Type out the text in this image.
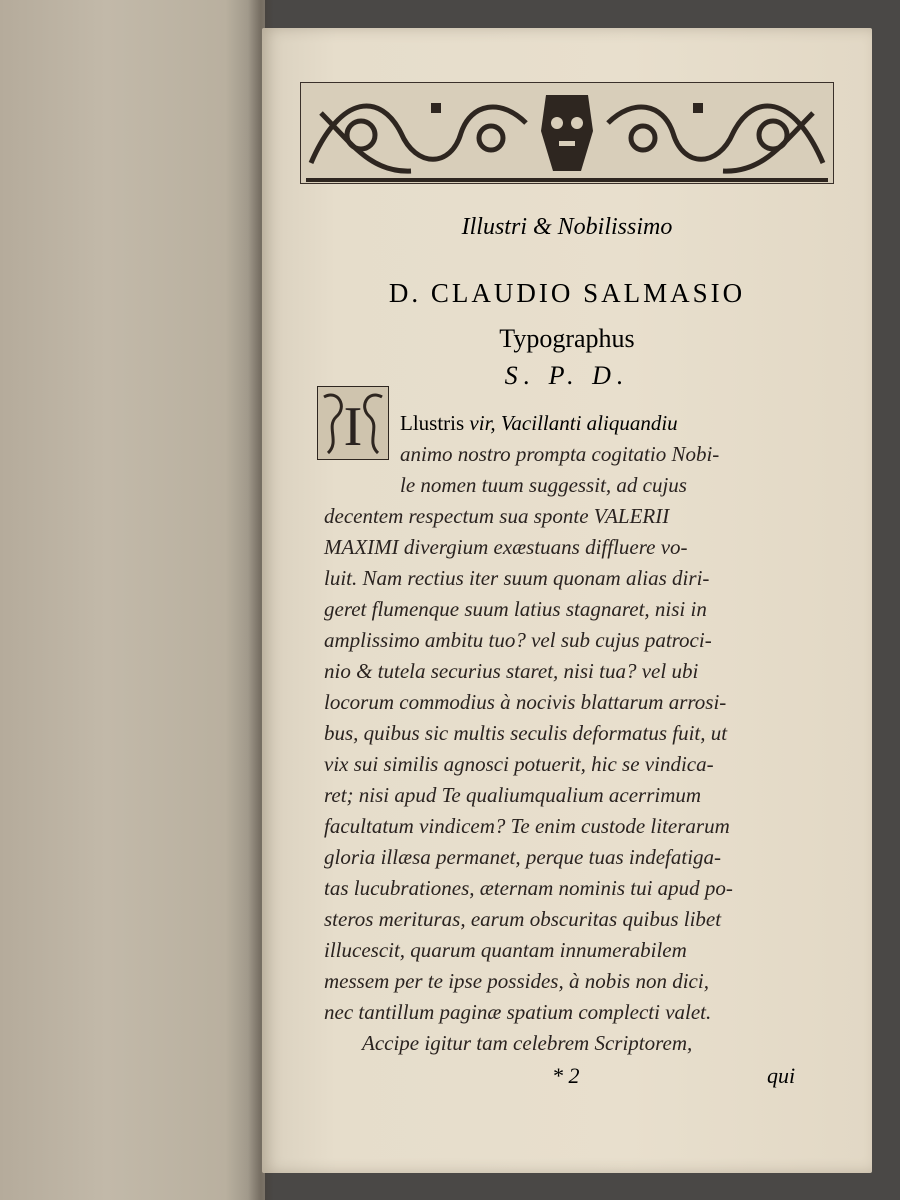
Illustri & Nobilissimo
D. CLAUDIO SALMASIO
Typographus
S. P. D.
I Llustris vir, Vacillanti aliquandiu
animo nostro prompta cogitatio Nobi-
le nomen tuum suggessit, ad cujus
decentem respectum sua sponte VALERII
MAXIMI divergium exæstuans diffluere vo-
luit. Nam rectius iter suum quonam alias diri-
geret flumenque suum latius stagnaret, nisi in
amplissimo ambitu tuo? vel sub cujus patroci-
nio & tutela securius staret, nisi tua? vel ubi
locorum commodius à nocivis blattarum arrosi-
bus, quibus sic multis seculis deformatus fuit, ut
vix sui similis agnosci potuerit, hic se vindica-
ret; nisi apud Te qualiumqualium acerrimum
facultatum vindicem? Te enim custode literarum
gloria illæsa permanet, perque tuas indefatiga-
tas lucubrationes, æternam nominis tui apud po-
steros merituras, earum obscuritas quibus libet
illucescit, quarum quantam innumerabilem
messem per te ipse possides, à nobis non dici,
nec tantillum paginæ spatium complecti valet.
Accipe igitur tam celebrem Scriptorem,
* 2	qui
